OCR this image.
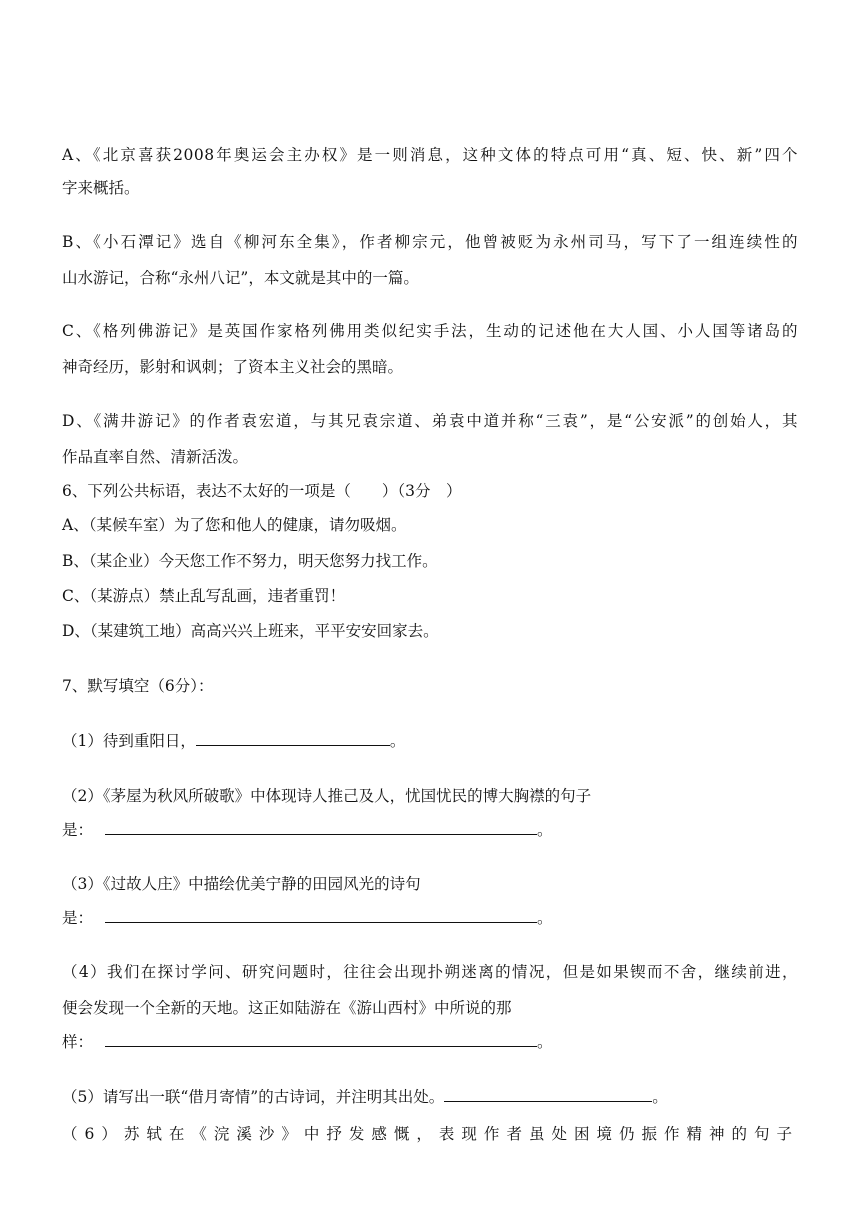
A、《北京喜获2008年奥运会主办权》是一则消息，这种文体的特点可用“真、短、快、新”四个
字来概括。
B、《小石潭记》选自《柳河东全集》，作者柳宗元，他曾被贬为永州司马，写下了一组连续性的
山水游记，合称“永州八记”，本文就是其中的一篇。
C、《格列佛游记》是英国作家格列佛用类似纪实手法，生动的记述他在大人国、小人国等诸岛的
神奇经历，影射和讽刺；了资本主义社会的黑暗。
D、《满井游记》的作者袁宏道，与其兄袁宗道、弟袁中道并称“三袁”，是“公安派”的创始人，其
作品直率自然、清新活泼。
6、下列公共标语，表达不太好的一项是（　　）（3分　）
A、（某候车室）为了您和他人的健康，请勿吸烟。
B、（某企业）今天您工作不努力，明天您努力找工作。
C、（某游点）禁止乱写乱画，违者重罚！
D、（某建筑工地）高高兴兴上班来，平平安安回家去。
7、默写填空（6分）：
（1）待到重阳日，	。
（2）《茅屋为秋风所破歌》中体现诗人推己及人，忧国忧民的博大胸襟的句子
是：	。
（3）《过故人庄》中描绘优美宁静的田园风光的诗句
是：	。
（4）我们在探讨学问、研究问题时，往往会出现扑朔迷离的情况，但是如果锲而不舍，继续前进，
便会发现一个全新的天地。这正如陆游在《游山西村》中所说的那
样：	。
（5）请写出一联“借月寄情”的古诗词，并注明其出处。	。
（6）苏轼在《浣溪沙》中抒发感慨，表现作者虽处困境仍振作精神的句子
